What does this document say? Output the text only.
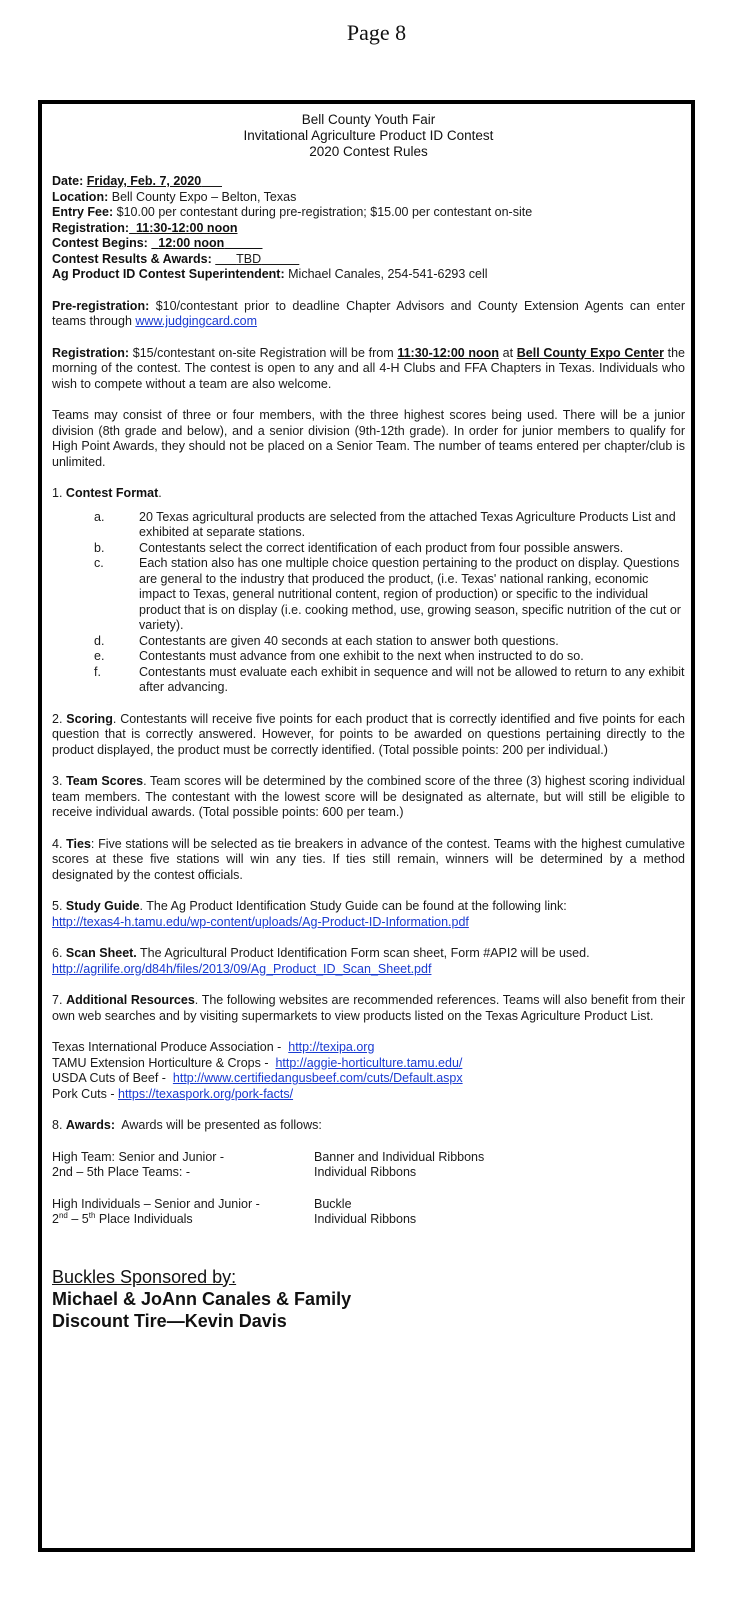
Page 8
Bell County Youth Fair
Invitational Agriculture Product ID Contest
2020 Contest Rules
Date: Friday, Feb. 7, 2020
Location: Bell County Expo – Belton, Texas
Entry Fee: $10.00 per contestant during pre-registration; $15.00 per contestant on-site
Registration: 11:30-12:00 noon
Contest Begins: 12:00 noon
Contest Results & Awards: TBD
Ag Product ID Contest Superintendent: Michael Canales, 254-541-6293 cell
Pre-registration: $10/contestant prior to deadline Chapter Advisors and County Extension Agents can enter teams through www.judgingcard.com
Registration: $15/contestant on-site Registration will be from 11:30-12:00 noon at Bell County Expo Center the morning of the contest. The contest is open to any and all 4-H Clubs and FFA Chapters in Texas. Individuals who wish to compete without a team are also welcome.
Teams may consist of three or four members, with the three highest scores being used. There will be a junior division (8th grade and below), and a senior division (9th-12th grade). In order for junior members to qualify for High Point Awards, they should not be placed on a Senior Team. The number of teams entered per chapter/club is unlimited.
1. Contest Format.
a.	20 Texas agricultural products are selected from the attached Texas Agriculture Products List and exhibited at separate stations.
b.	Contestants select the correct identification of each product from four possible answers.
c.	Each station also has one multiple choice question pertaining to the product on display. Questions are general to the industry that produced the product, (i.e. Texas' national ranking, economic impact to Texas, general nutritional content, region of production) or specific to the individual product that is on display (i.e. cooking method, use, growing season, specific nutrition of the cut or variety).
d.	Contestants are given 40 seconds at each station to answer both questions.
e.	Contestants must advance from one exhibit to the next when instructed to do so.
f.	Contestants must evaluate each exhibit in sequence and will not be allowed to return to any exhibit after advancing.
2. Scoring. Contestants will receive five points for each product that is correctly identified and five points for each question that is correctly answered. However, for points to be awarded on questions pertaining directly to the product displayed, the product must be correctly identified. (Total possible points: 200 per individual.)
3. Team Scores. Team scores will be determined by the combined score of the three (3) highest scoring individual team members. The contestant with the lowest score will be designated as alternate, but will still be eligible to receive individual awards. (Total possible points: 600 per team.)
4. Ties: Five stations will be selected as tie breakers in advance of the contest. Teams with the highest cumulative scores at these five stations will win any ties. If ties still remain, winners will be determined by a method designated by the contest officials.
5. Study Guide. The Ag Product Identification Study Guide can be found at the following link:
http://texas4-h.tamu.edu/wp-content/uploads/Ag-Product-ID-Information.pdf
6. Scan Sheet. The Agricultural Product Identification Form scan sheet, Form #API2 will be used.
http://agrilife.org/d84h/files/2013/09/Ag_Product_ID_Scan_Sheet.pdf
7. Additional Resources. The following websites are recommended references. Teams will also benefit from their own web searches and by visiting supermarkets to view products listed on the Texas Agriculture Product List.
Texas International Produce Association - http://texipa.org
TAMU Extension Horticulture & Crops - http://aggie-horticulture.tamu.edu/
USDA Cuts of Beef - http://www.certifiedangusbeef.com/cuts/Default.aspx
Pork Cuts - https://texaspork.org/pork-facts/
8. Awards: Awards will be presented as follows:
High Team: Senior and Junior -	Banner and Individual Ribbons
2nd – 5th Place Teams: -	Individual Ribbons
High Individuals – Senior and Junior -	Buckle
2nd – 5th Place Individuals	Individual Ribbons
Buckles Sponsored by:
Michael & JoAnn Canales & Family
Discount Tire—Kevin Davis
